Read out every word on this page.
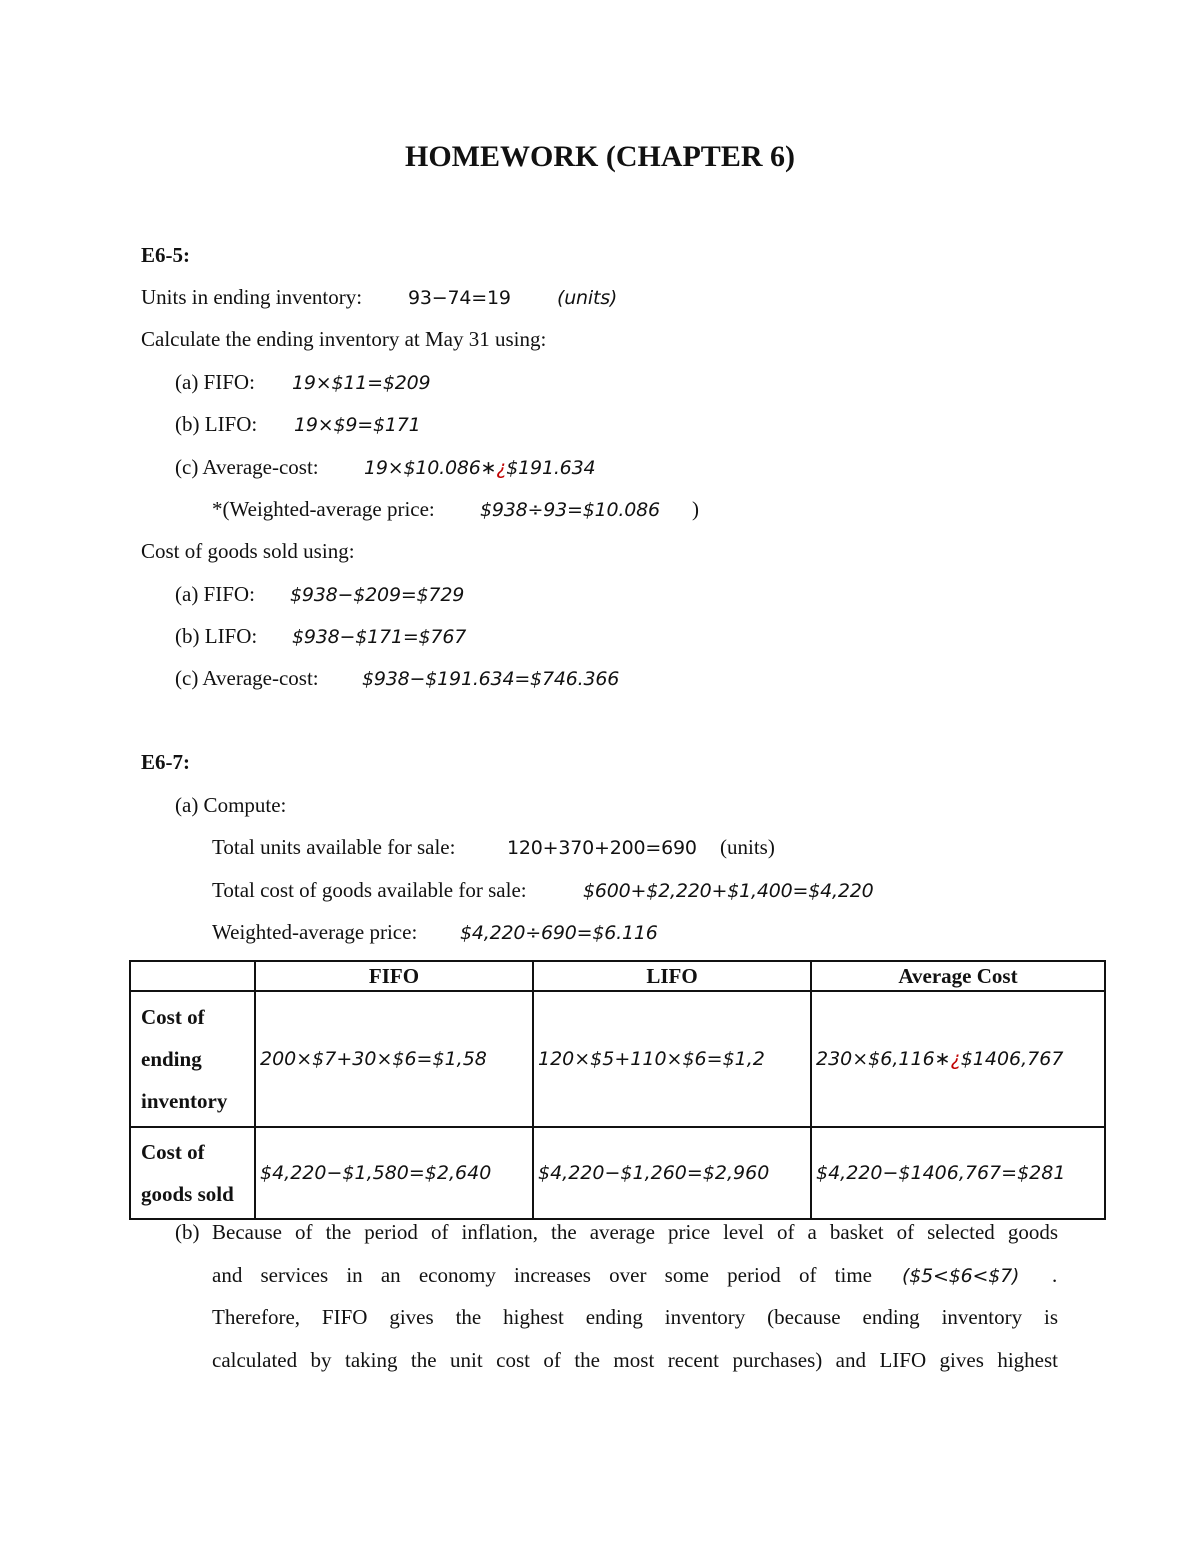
HOMEWORK (CHAPTER 6)
E6-5:
Units in ending inventory: 93−74=19 (units)
Calculate the ending inventory at May 31 using:
(a) FIFO: 19×$11=$209
(b) LIFO: 19×$9=$171
(c) Average-cost: 19×$10.086∗¿$191.634
*(Weighted-average price: $938÷93=$10.086 )
Cost of goods sold using:
(a) FIFO: $938−$209=$729
(b) LIFO: $938−$171=$767
(c) Average-cost: $938−$191.634=$746.366
E6-7:
(a) Compute:
Total units available for sale:	120+370+200=690 (units)
Total cost of goods available for sale:	$600+$2,220+$1,400=$4,220
Weighted-average price: $4,220÷690=$6.116
	FIFO	LIFO	Average Cost
Cost of ending inventory	200×$7+30×$6=$1,58	120×$5+110×$6=$1,2	230×$6,116∗¿$1406,767
Cost of goods sold	$4,220−$1,580=$2,640	$4,220−$1,260=$2,960	$4,220−$1406,767=$281
(b) Because of the period of inflation, the average price level of a basket of selected goods
and services in an economy increases over some period of time ($5<$6<$7) .
Therefore, FIFO gives the highest ending inventory (because ending inventory is
calculated by taking the unit cost of the most recent purchases) and LIFO gives highest
